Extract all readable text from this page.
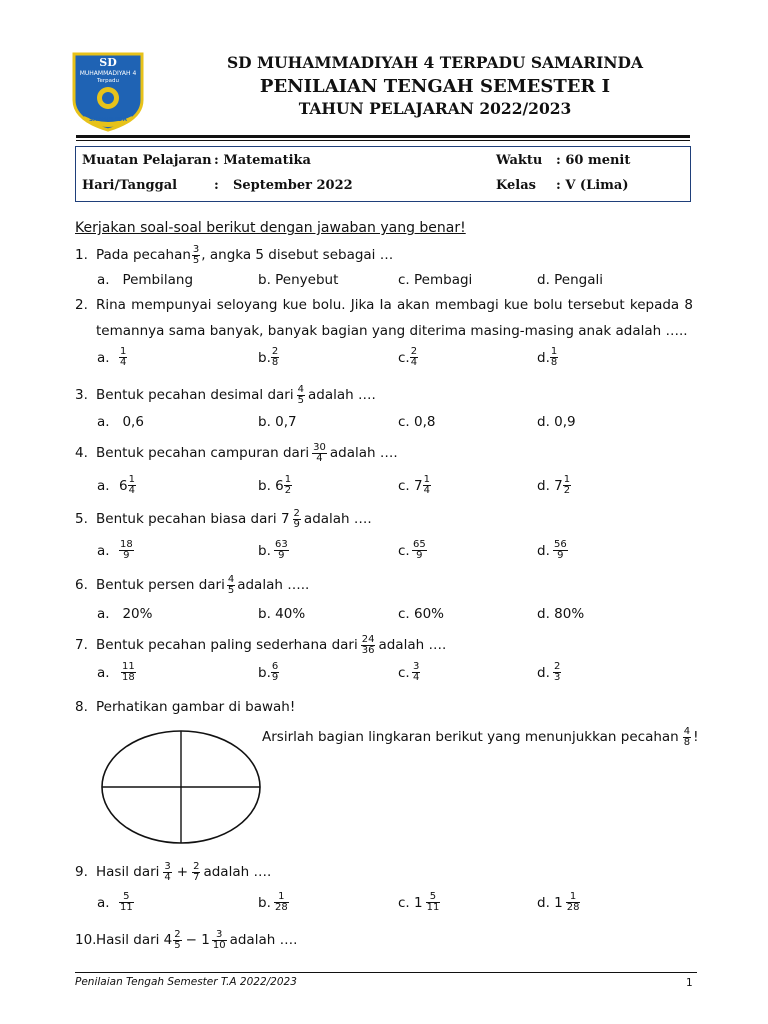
SD
MUHAMMADIYAH 4
Terpadu
SAMARINDA
SD MUHAMMADIYAH 4 TERPADU SAMARINDA
PENILAIAN TENGAH SEMESTER I
TAHUN PELAJARAN 2022/2023
Muatan Pelajaran : Matematika	Waktu : 60 menit
Hari/Tanggal	: September 2022	Kelas : V (Lima)
Kerjakan soal-soal berikut dengan jawaban yang benar!
1. Pada pecahan 3
5 , angka 5 disebut sebagai …
a.   Pembilang	b. Penyebut	c. Pembagi	d. Pengali
2. Rina mempunyai seloyang kue bolu. Jika Ia akan membagi kue bolu tersebut kepada 8
temannya sama banyak, banyak bagian yang diterima masing-masing anak adalah …..
a.	1
4	b. 2
8	c. 2
4	d. 1
8
3. Bentuk pecahan desimal dari 4
5 adalah ….
a.   0,6	b. 0,7	c. 0,8	d. 0,9
4. Bentuk pecahan campuran dari 30
4 adalah ….
a. 6 1
4	b. 6 1
2	c. 7 1
4	d. 7 1
2
5. Bentuk pecahan biasa dari 7 2
9 adalah ….
a.	18
9	b. 63
9	c. 65
9	d. 56
9
6. Bentuk persen dari 4
5 adalah …..
a.   20%	b. 40%	c. 60%	d. 80%
7. Bentuk pecahan paling sederhana dari 24
36 adalah ….
a.	11
18	b. 6
9	c. 3
4	d. 2
3
8. Perhatikan gambar di bawah!
Arsirlah bagian lingkaran berikut yang menunjukkan pecahan 4
8 !
9. Hasil dari 3
$4 + \frac{2}{7}$ adalah ….
a.	5
11	b. 1
28	c. 1 5
11	d. 1 1
28
10. Hasil dari 4 2
5 − 1 3
10 adalah ….
Penilaian Tengah Semester T.A 2022/2023	1
